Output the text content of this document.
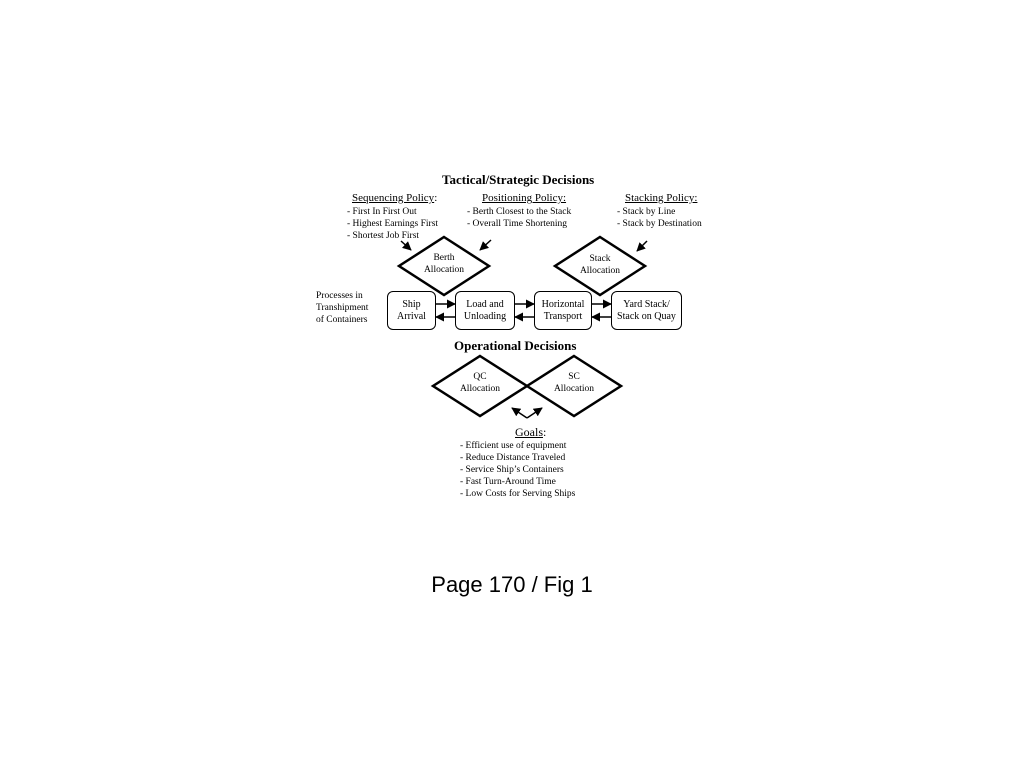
Tactical/Strategic Decisions
Sequencing Policy:
- First In First Out
- Highest Earnings First
- Shortest Job First
Positioning Policy:
- Berth Closest to the Stack
- Overall Time Shortening
Stacking Policy:
- Stack by Line
- Stack by Destination
Berth
Allocation
Stack
Allocation
QC
Allocation
SC
Allocation
Processes in
Transhipment
of Containers
Ship
Arrival
Load and
Unloading
Horizontal
Transport
Yard Stack/
Stack on Quay
Operational Decisions
Goals:
- Efficient use of equipment
- Reduce Distance Traveled
- Service Ship’s Containers
- Fast Turn-Around Time
- Low Costs for Serving Ships
Page 170 / Fig 1
